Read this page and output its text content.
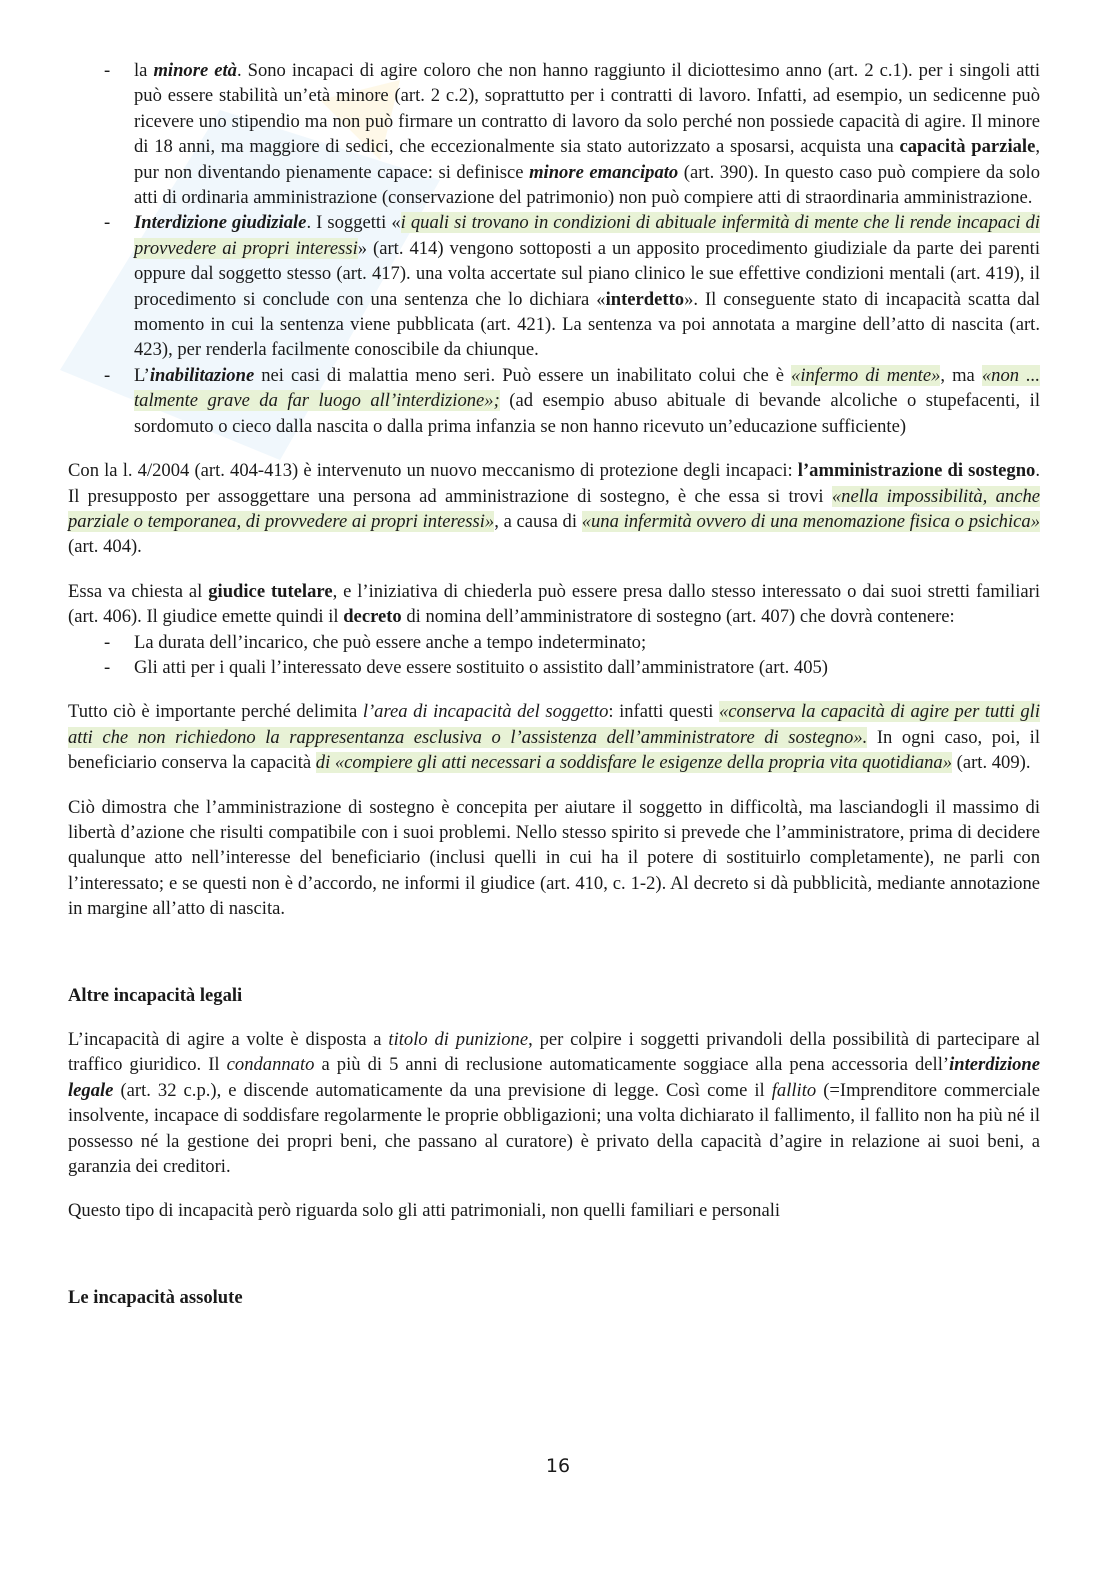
- la minore età. Sono incapaci di agire coloro che non hanno raggiunto il diciottesimo anno (art. 2 c.1). per i singoli atti può essere stabilità un’età minore (art. 2 c.2), soprattutto per i contratti di lavoro. Infatti, ad esempio, un sedicenne può ricevere uno stipendio ma non può firmare un contratto di lavoro da solo perché non possiede capacità di agire. Il minore di 18 anni, ma maggiore di sedici, che eccezionalmente sia stato autorizzato a sposarsi, acquista una capacità parziale, pur non diventando pienamente capace: si definisce minore emancipato (art. 390). In questo caso può compiere da solo atti di ordinaria amministrazione (conservazione del patrimonio) non può compiere atti di straordinaria amministrazione.
- Interdizione giudiziale. I soggetti «i quali si trovano in condizioni di abituale infermità di mente che li rende incapaci di provvedere ai propri interessi» (art. 414) vengono sottoposti a un apposito procedimento giudiziale da parte dei parenti oppure dal soggetto stesso (art. 417). una volta accertate sul piano clinico le sue effettive condizioni mentali (art. 419), il procedimento si conclude con una sentenza che lo dichiara «interdetto». Il conseguente stato di incapacità scatta dal momento in cui la sentenza viene pubblicata (art. 421). La sentenza va poi annotata a margine dell’atto di nascita (art. 423), per renderla facilmente conoscibile da chiunque.
- L’inabilitazione nei casi di malattia meno seri. Può essere un inabilitato colui che è «infermo di mente», ma «non ... talmente grave da far luogo all’interdizione»; (ad esempio abuso abituale di bevande alcoliche o stupefacenti, il sordomuto o cieco dalla nascita o dalla prima infanzia se non hanno ricevuto un’educazione sufficiente)

Con la l. 4/2004 (art. 404-413) è intervenuto un nuovo meccanismo di protezione degli incapaci: l’amministrazione di sostegno. Il presupposto per assoggettare una persona ad amministrazione di sostegno, è che essa si trovi «nella impossibilità, anche parziale o temporanea, di provvedere ai propri interessi», a causa di «una infermità ovvero di una menomazione fisica o psichica» (art. 404).

Essa va chiesta al giudice tutelare, e l’iniziativa di chiederla può essere presa dallo stesso interessato o dai suoi stretti familiari (art. 406). Il giudice emette quindi il decreto di nomina dell’amministratore di sostegno (art. 407) che dovrà contenere:

- La durata dell’incarico, che può essere anche a tempo indeterminato;
- Gli atti per i quali l’interessato deve essere sostituito o assistito dall’amministratore (art. 405)

Tutto ciò è importante perché delimita l’area di incapacità del soggetto: infatti questi «conserva la capacità di agire per tutti gli atti che non richiedono la rappresentanza esclusiva o l’assistenza dell’amministratore di sostegno». In ogni caso, poi, il beneficiario conserva la capacità di «compiere gli atti necessari a soddisfare le esigenze della propria vita quotidiana» (art. 409).

Ciò dimostra che l’amministrazione di sostegno è concepita per aiutare il soggetto in difficoltà, ma lasciandogli il massimo di libertà d’azione che risulti compatibile con i suoi problemi. Nello stesso spirito si prevede che l’amministratore, prima di decidere qualunque atto nell’interesse del beneficiario (inclusi quelli in cui ha il potere di sostituirlo completamente), ne parli con l’interessato; e se questi non è d’accordo, ne informi il giudice (art. 410, c. 1-2). Al decreto si dà pubblicità, mediante annotazione in margine all’atto di nascita.

Altre incapacità legali

L’incapacità di agire a volte è disposta a titolo di punizione, per colpire i soggetti privandoli della possibilità di partecipare al traffico giuridico. Il condannato a più di 5 anni di reclusione automaticamente soggiace alla pena accessoria dell’interdizione legale (art. 32 c.p.), e discende automaticamente da una previsione di legge. Così come il fallito (=Imprenditore commerciale insolvente, incapace di soddisfare regolarmente le proprie obbligazioni; una volta dichiarato il fallimento, il fallito non ha più né il possesso né la gestione dei propri beni, che passano al curatore) è privato della capacità d’agire in relazione ai suoi beni, a garanzia dei creditori.

Questo tipo di incapacità però riguarda solo gli atti patrimoniali, non quelli familiari e personali

Le incapacità assolute

16
